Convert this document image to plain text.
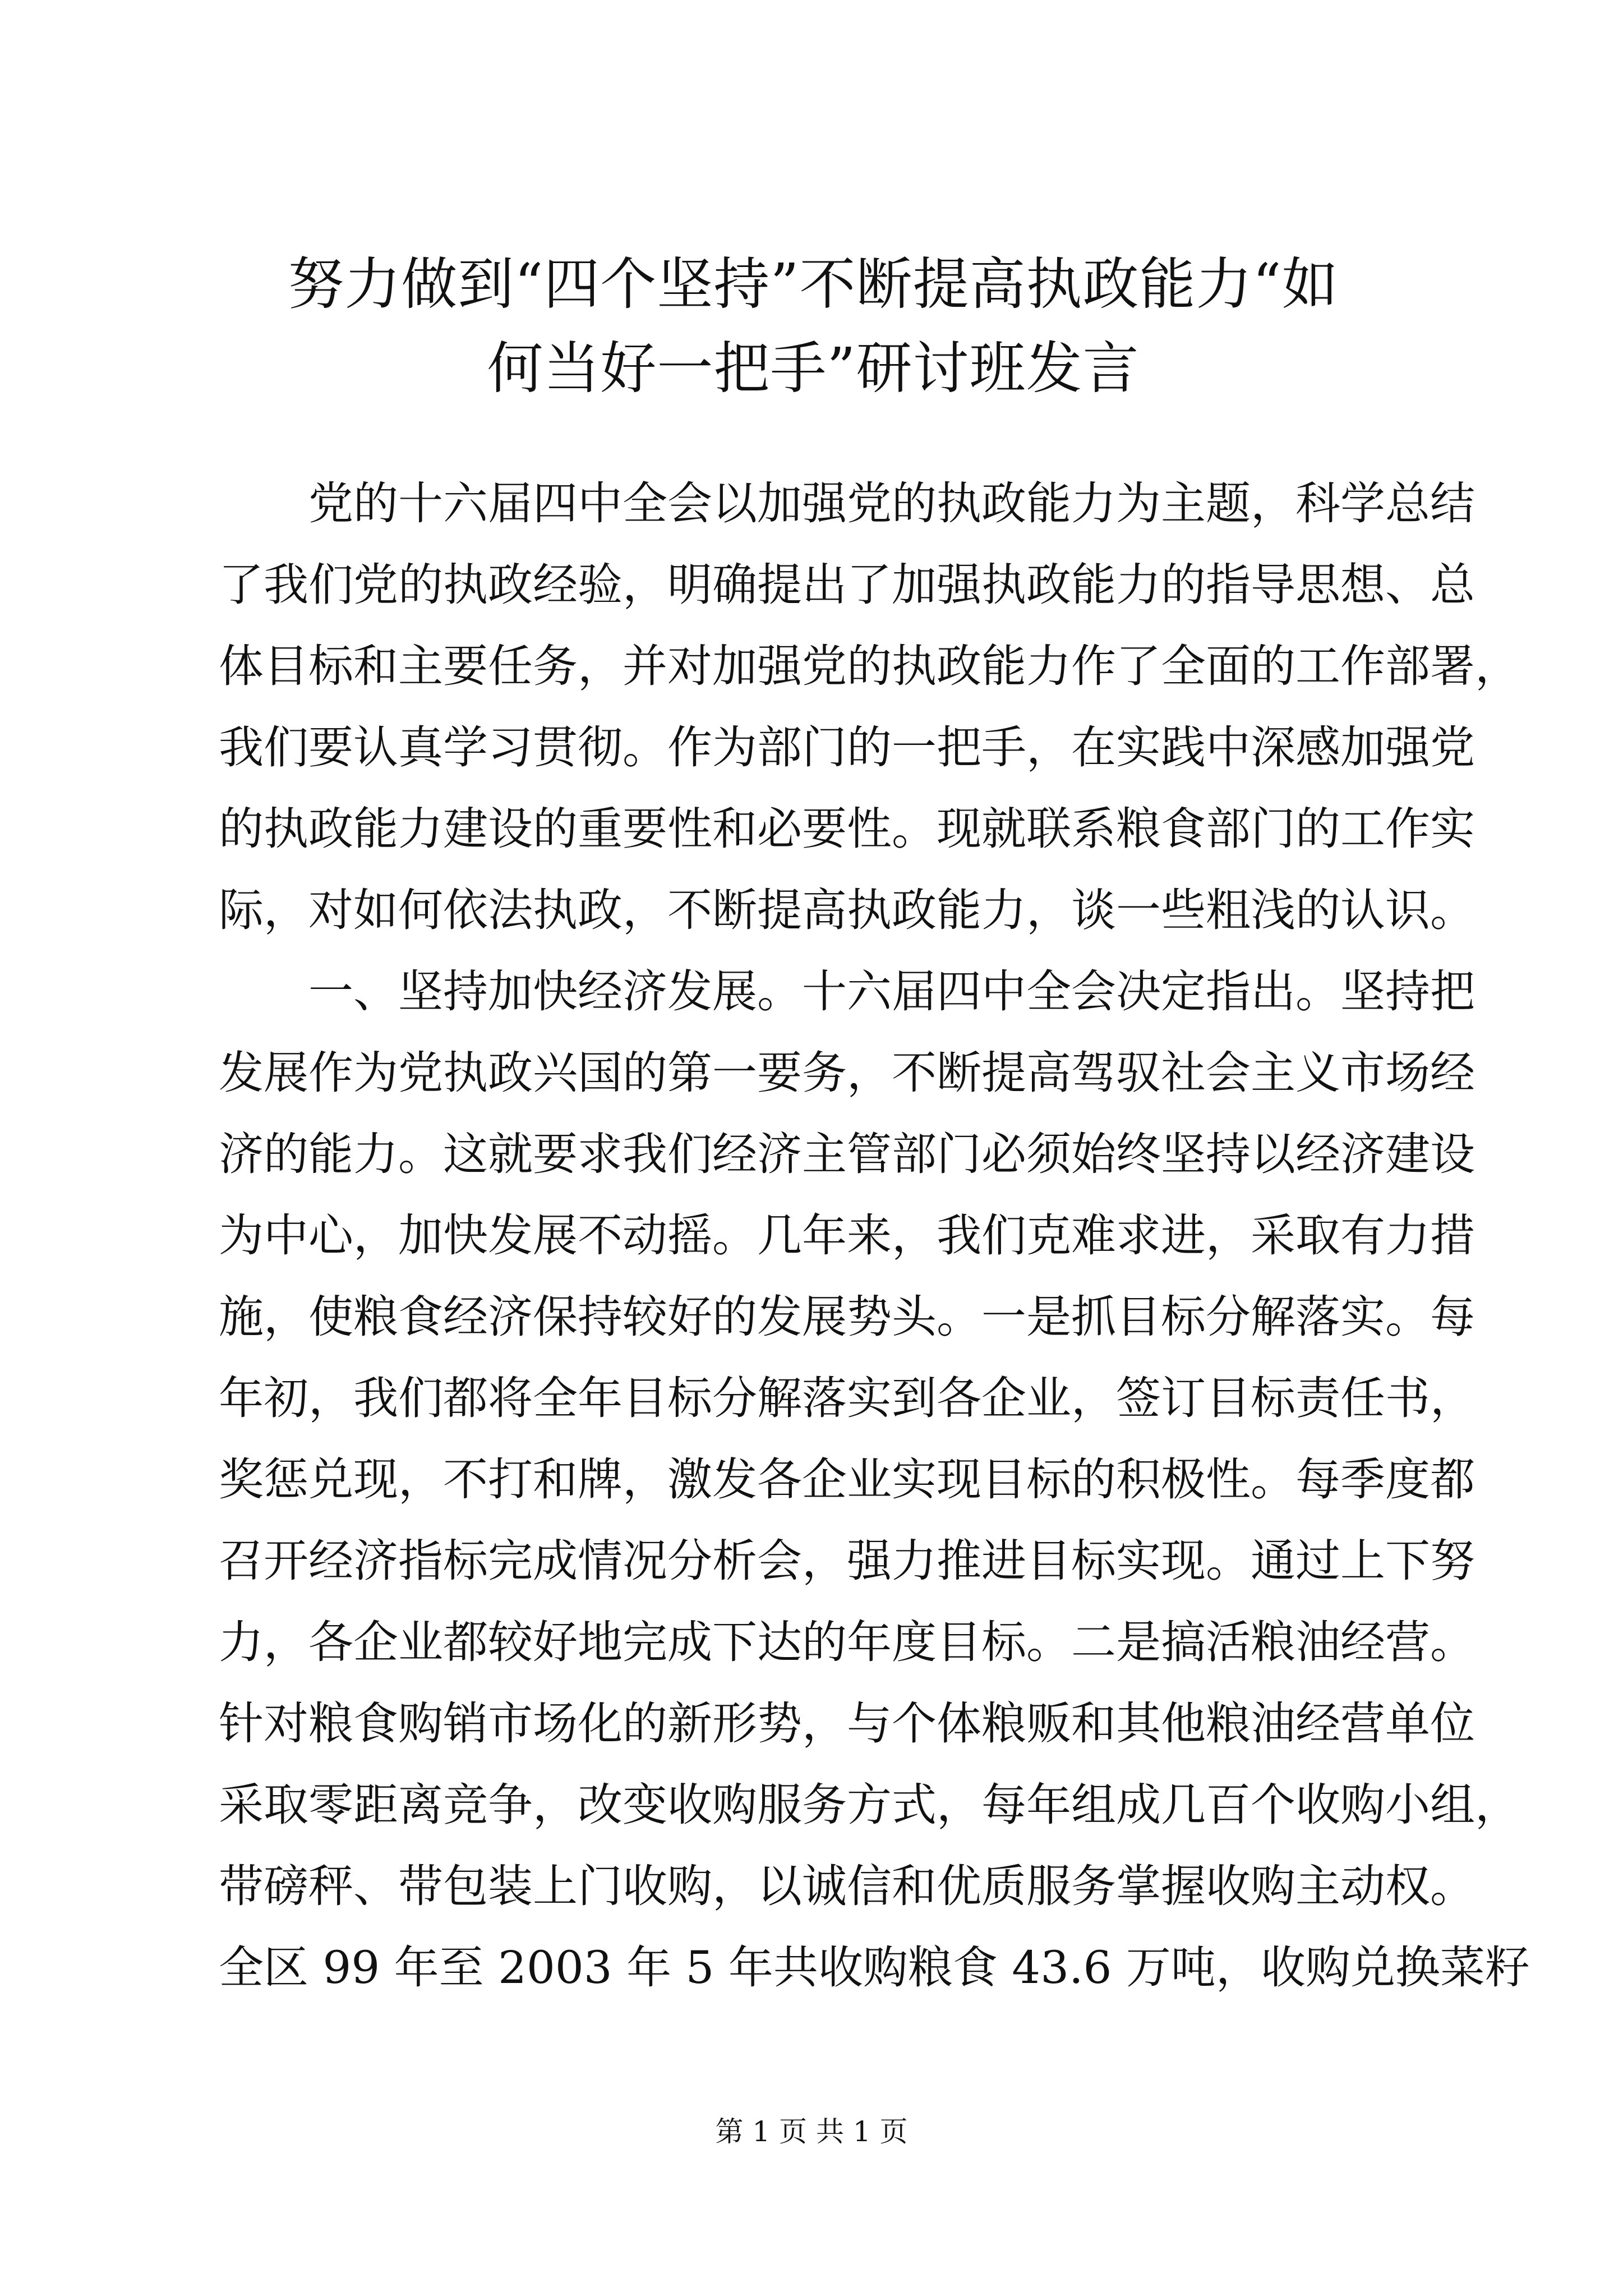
努力做到“四个坚持”不断提高执政能力“如
何当好一把手”研讨班发言
党的十六届四中全会以加强党的执政能力为主题，科学总结
了我们党的执政经验，明确提出了加强执政能力的指导思想、总
体目标和主要任务，并对加强党的执政能力作了全面的工作部署，
我们要认真学习贯彻。作为部门的一把手，在实践中深感加强党
的执政能力建设的重要性和必要性。现就联系粮食部门的工作实
际，对如何依法执政，不断提高执政能力，谈一些粗浅的认识。
一、坚持加快经济发展。十六届四中全会决定指出。坚持把
发展作为党执政兴国的第一要务，不断提高驾驭社会主义市场经
济的能力。这就要求我们经济主管部门必须始终坚持以经济建设
为中心，加快发展不动摇。几年来，我们克难求进，采取有力措
施，使粮食经济保持较好的发展势头。一是抓目标分解落实。每
年初，我们都将全年目标分解落实到各企业，签订目标责任书，
奖惩兑现，不打和牌，激发各企业实现目标的积极性。每季度都
召开经济指标完成情况分析会，强力推进目标实现。通过上下努
力，各企业都较好地完成下达的年度目标。二是搞活粮油经营。
针对粮食购销市场化的新形势，与个体粮贩和其他粮油经营单位
采取零距离竞争，改变收购服务方式，每年组成几百个收购小组，
带磅秤、带包装上门收购，以诚信和优质服务掌握收购主动权。
全区 99 年至 2003 年 5 年共收购粮食 43.6 万吨，收购兑换菜籽
第 1 页 共 1 页
